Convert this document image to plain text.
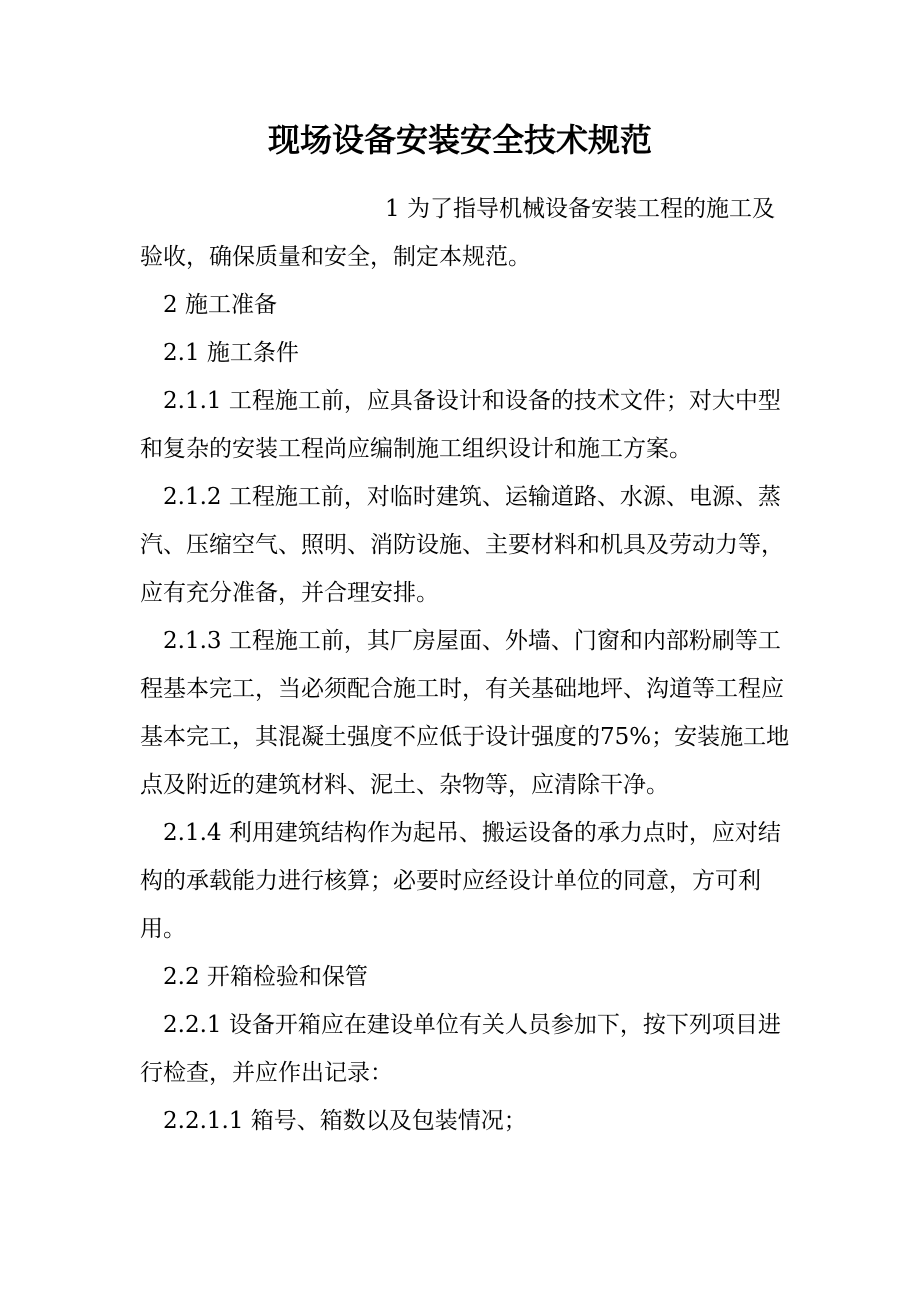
现场设备安装安全技术规范

1 为了指导机械设备安装工程的施工及验收，确保质量和安全，制定本规范。

2 施工准备

2.1 施工条件

2.1.1 工程施工前，应具备设计和设备的技术文件；对大中型和复杂的安装工程尚应编制施工组织设计和施工方案。

2.1.2 工程施工前，对临时建筑、运输道路、水源、电源、蒸汽、压缩空气、照明、消防设施、主要材料和机具及劳动力等，应有充分准备，并合理安排。

2.1.3 工程施工前，其厂房屋面、外墙、门窗和内部粉刷等工程基本完工，当必须配合施工时，有关基础地坪、沟道等工程应基本完工，其混凝土强度不应低于设计强度的75%；安装施工地点及附近的建筑材料、泥土、杂物等，应清除干净。

2.1.4 利用建筑结构作为起吊、搬运设备的承力点时，应对结构的承载能力进行核算；必要时应经设计单位的同意，方可利用。

2.2 开箱检验和保管

2.2.1 设备开箱应在建设单位有关人员参加下，按下列项目进行检查，并应作出记录：

2.2.1.1 箱号、箱数以及包装情况；
